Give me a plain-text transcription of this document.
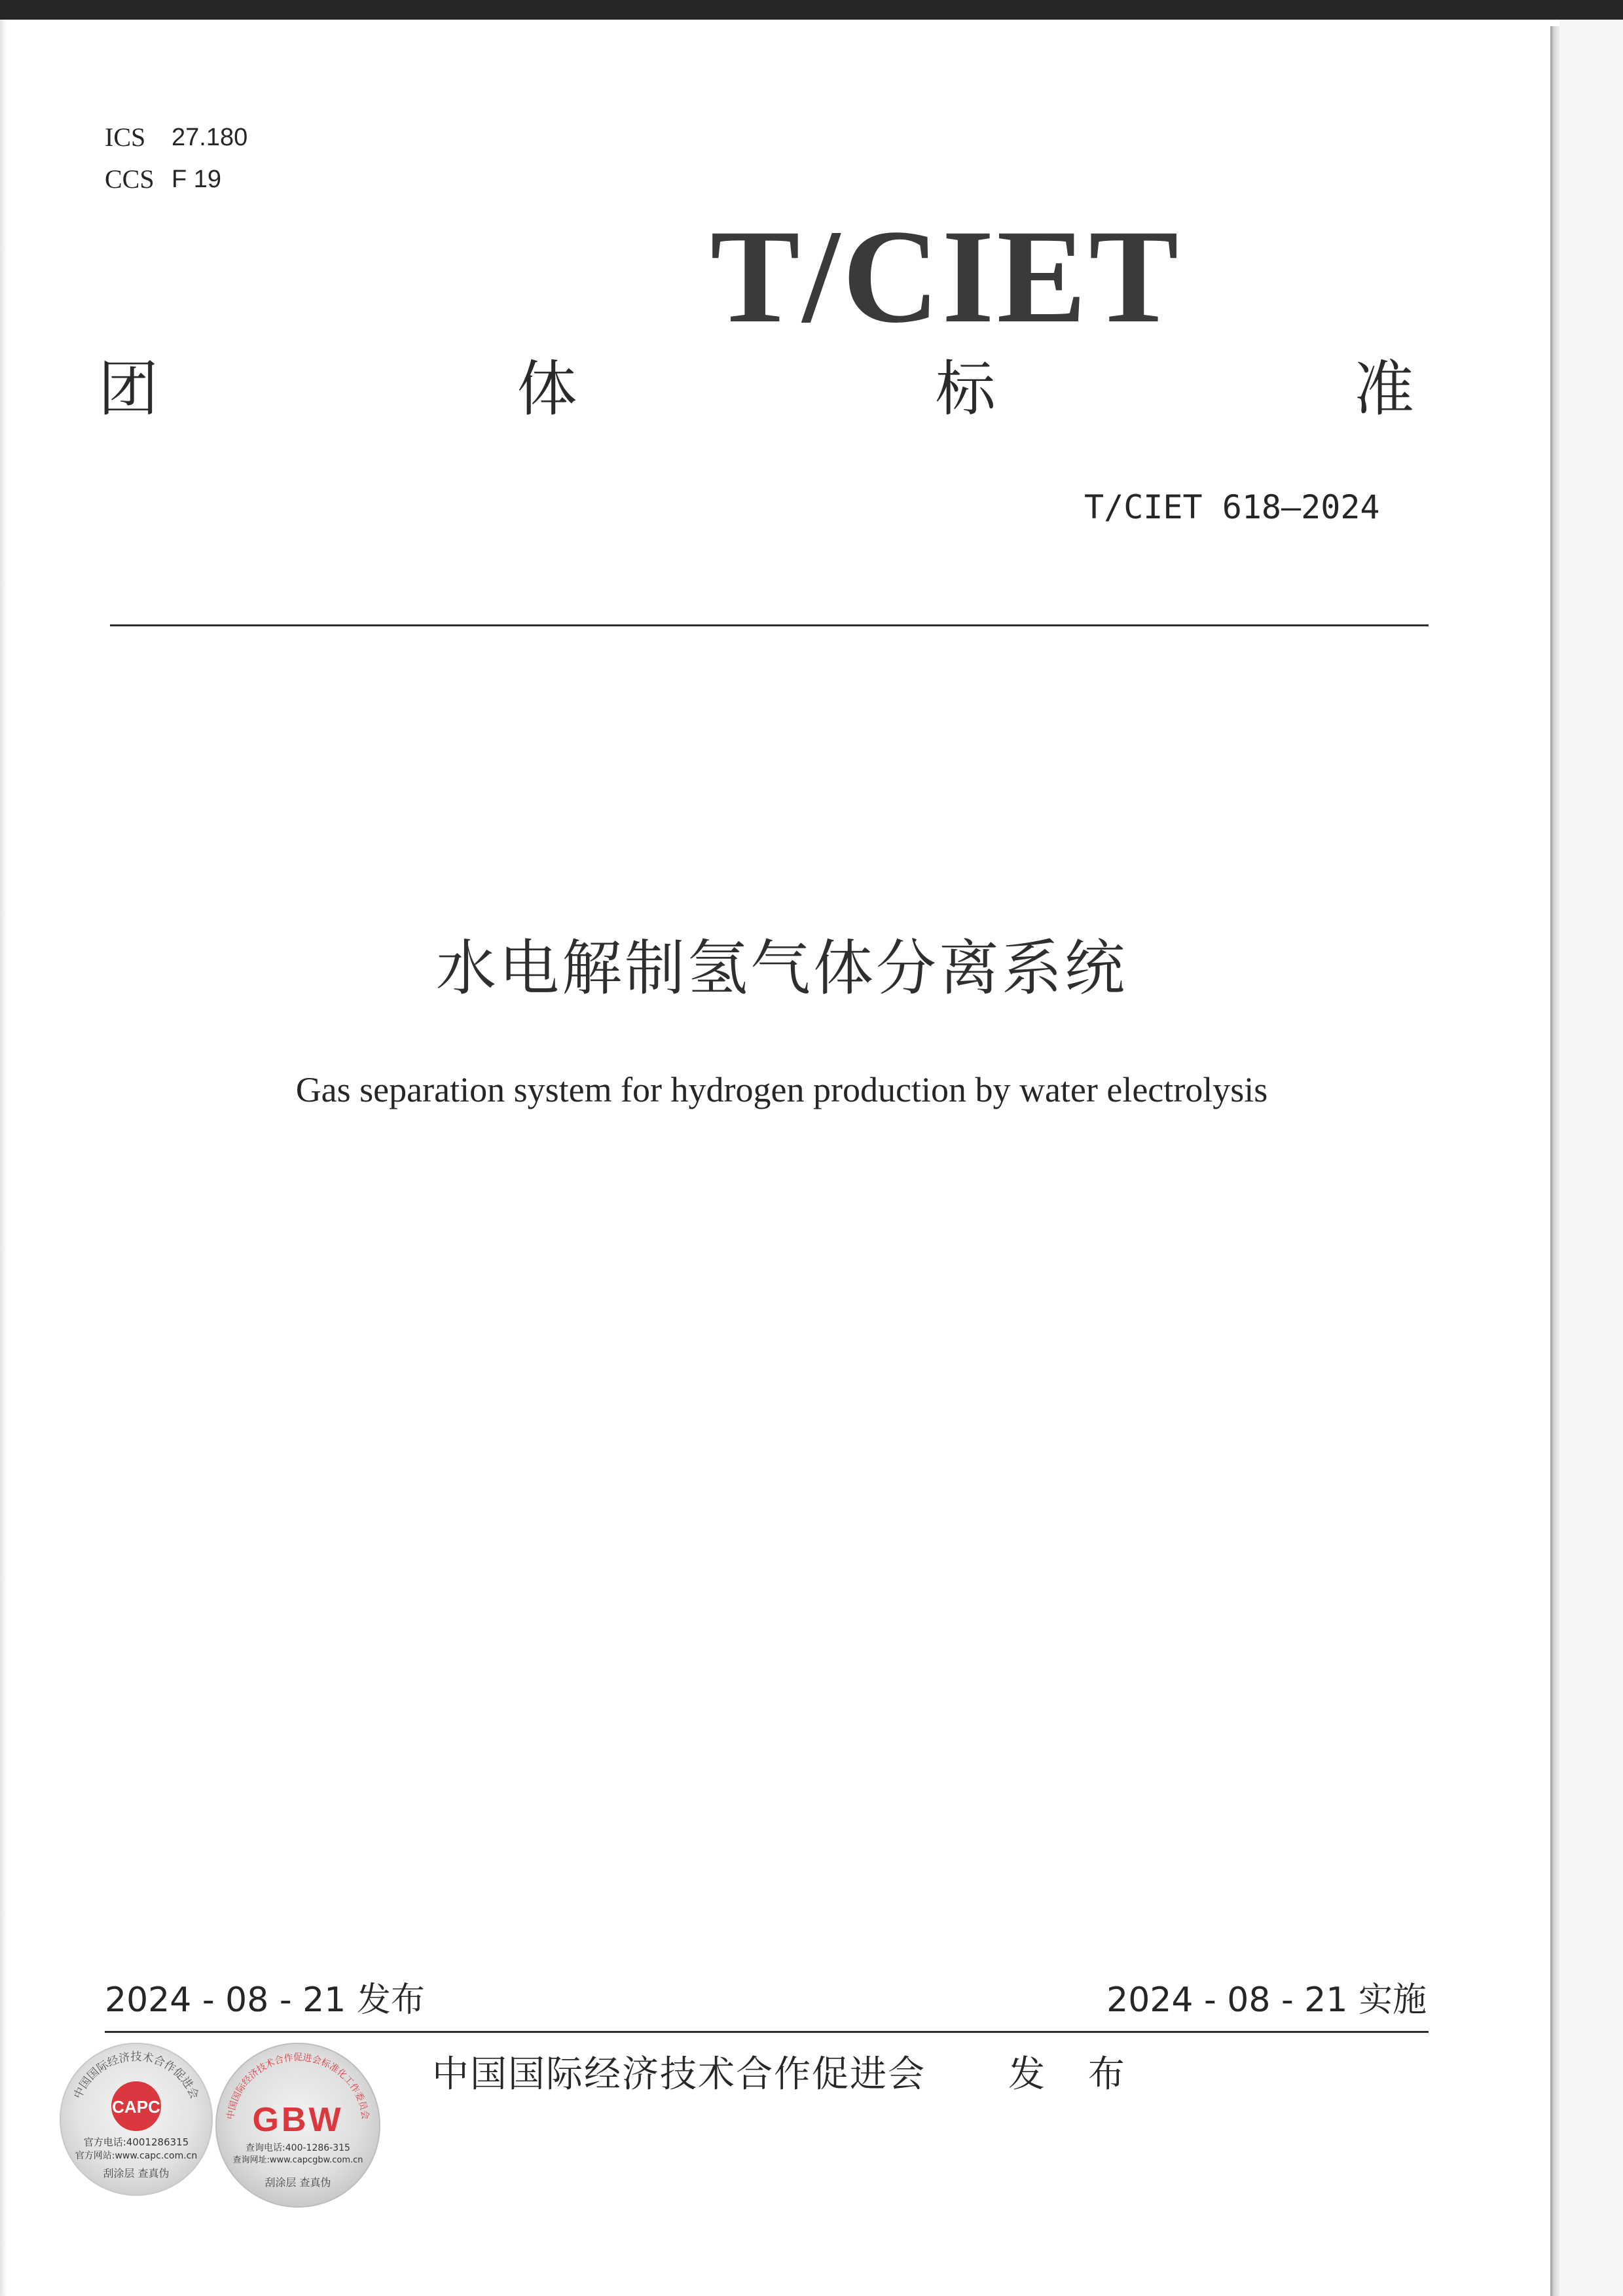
ICS	27.180
CCS F 19
T/CIET
团	体	标	准
T/CIET 618—2024
水电解制氢气体分离系统
Gas separation system for hydrogen production by water electrolysis
2024 - 08 - 21 发布	2024 - 08 - 21 实施
中国国际经济技术合作促进会 发 布
中国国际经济技术合作促进会
CAPC
官方电话:4001286315
官方网站:www.capc.com.cn
刮涂层 查真伪
中国国际经济技术合作促进会标准化工作委员会
GBW
查询电话:400-1286-315
查询网址:www.capcgbw.com.cn
刮涂层 查真伪
